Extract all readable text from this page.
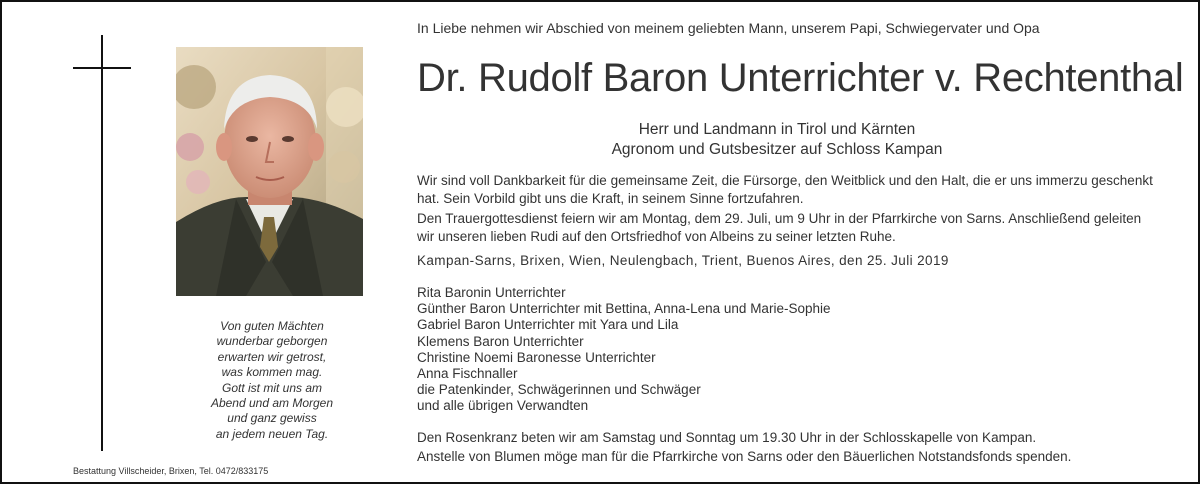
Von guten Mächten
wunderbar geborgen
erwarten wir getrost,
was kommen mag.
Gott ist mit uns am
Abend und am Morgen
und ganz gewiss
an jedem neuen Tag.
Bestattung Villscheider, Brixen, Tel. 0472/833175
In Liebe nehmen wir Abschied von meinem geliebten Mann, unserem Papi, Schwiegervater und Opa
Dr. Rudolf Baron Unterrichter v. Rechtenthal
Herr und Landmann in Tirol und Kärnten
Agronom und Gutsbesitzer auf Schloss Kampan
Wir sind voll Dankbarkeit für die gemeinsame Zeit, die Fürsorge, den Weitblick und den Halt, die er uns immerzu geschenkt
hat. Sein Vorbild gibt uns die Kraft, in seinem Sinne fortzufahren.
Den Trauergottesdienst feiern wir am Montag, dem 29. Juli, um 9 Uhr in der Pfarrkirche von Sarns. Anschließend geleiten
wir unseren lieben Rudi auf den Ortsfriedhof von Albeins zu seiner letzten Ruhe.
Kampan-Sarns, Brixen, Wien, Neulengbach, Trient, Buenos Aires, den 25. Juli 2019
Rita Baronin Unterrichter
Günther Baron Unterrichter mit Bettina, Anna-Lena und Marie-Sophie
Gabriel Baron Unterrichter mit Yara und Lila
Klemens Baron Unterrichter
Christine Noemi Baronesse Unterrichter
Anna Fischnaller
die Patenkinder, Schwägerinnen und Schwäger
und alle übrigen Verwandten
Den Rosenkranz beten wir am Samstag und Sonntag um 19.30 Uhr in der Schlosskapelle von Kampan.
Anstelle von Blumen möge man für die Pfarrkirche von Sarns oder den Bäuerlichen Notstandsfonds spenden.
